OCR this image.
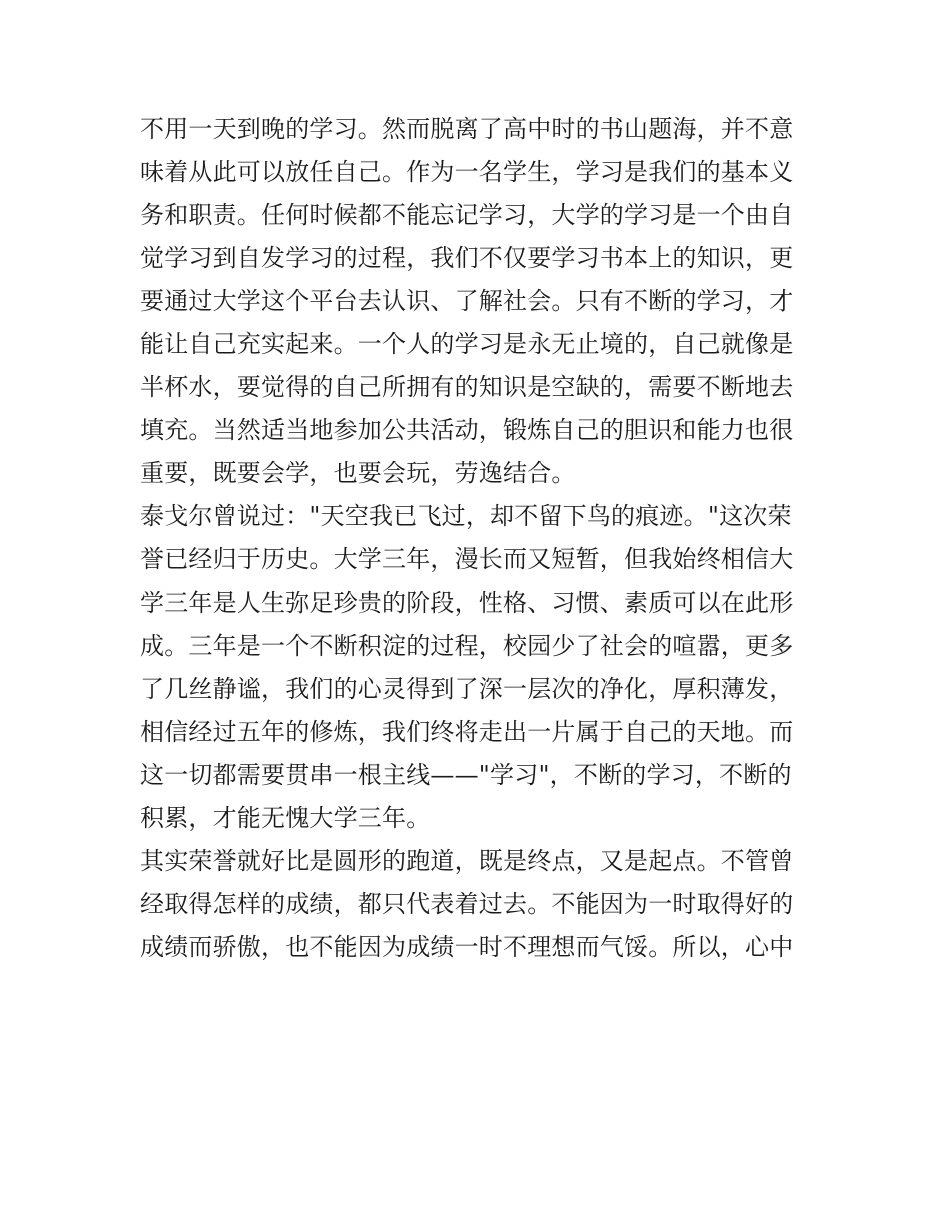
不用一天到晚的学习。然而脱离了高中时的书山题海，并不意
味着从此可以放任自己。作为一名学生，学习是我们的基本义
务和职责。任何时候都不能忘记学习，大学的学习是一个由自
觉学习到自发学习的过程，我们不仅要学习书本上的知识，更
要通过大学这个平台去认识、了解社会。只有不断的学习，才
能让自己充实起来。一个人的学习是永无止境的，自己就像是
半杯水，要觉得的自己所拥有的知识是空缺的，需要不断地去
填充。当然适当地参加公共活动，锻炼自己的胆识和能力也很
重要，既要会学，也要会玩，劳逸结合。
泰戈尔曾说过："天空我已飞过，却不留下鸟的痕迹。"这次荣
誉已经归于历史。大学三年，漫长而又短暂，但我始终相信大
学三年是人生弥足珍贵的阶段，性格、习惯、素质可以在此形
成。三年是一个不断积淀的过程，校园少了社会的喧嚣，更多
了几丝静谧，我们的心灵得到了深一层次的净化，厚积薄发，
相信经过五年的修炼，我们终将走出一片属于自己的天地。而
这一切都需要贯串一根主线——"学习"，不断的学习，不断的
积累，才能无愧大学三年。
其实荣誉就好比是圆形的跑道，既是终点，又是起点。不管曾
经取得怎样的成绩，都只代表着过去。不能因为一时取得好的
成绩而骄傲，也不能因为成绩一时不理想而气馁。所以，心中
